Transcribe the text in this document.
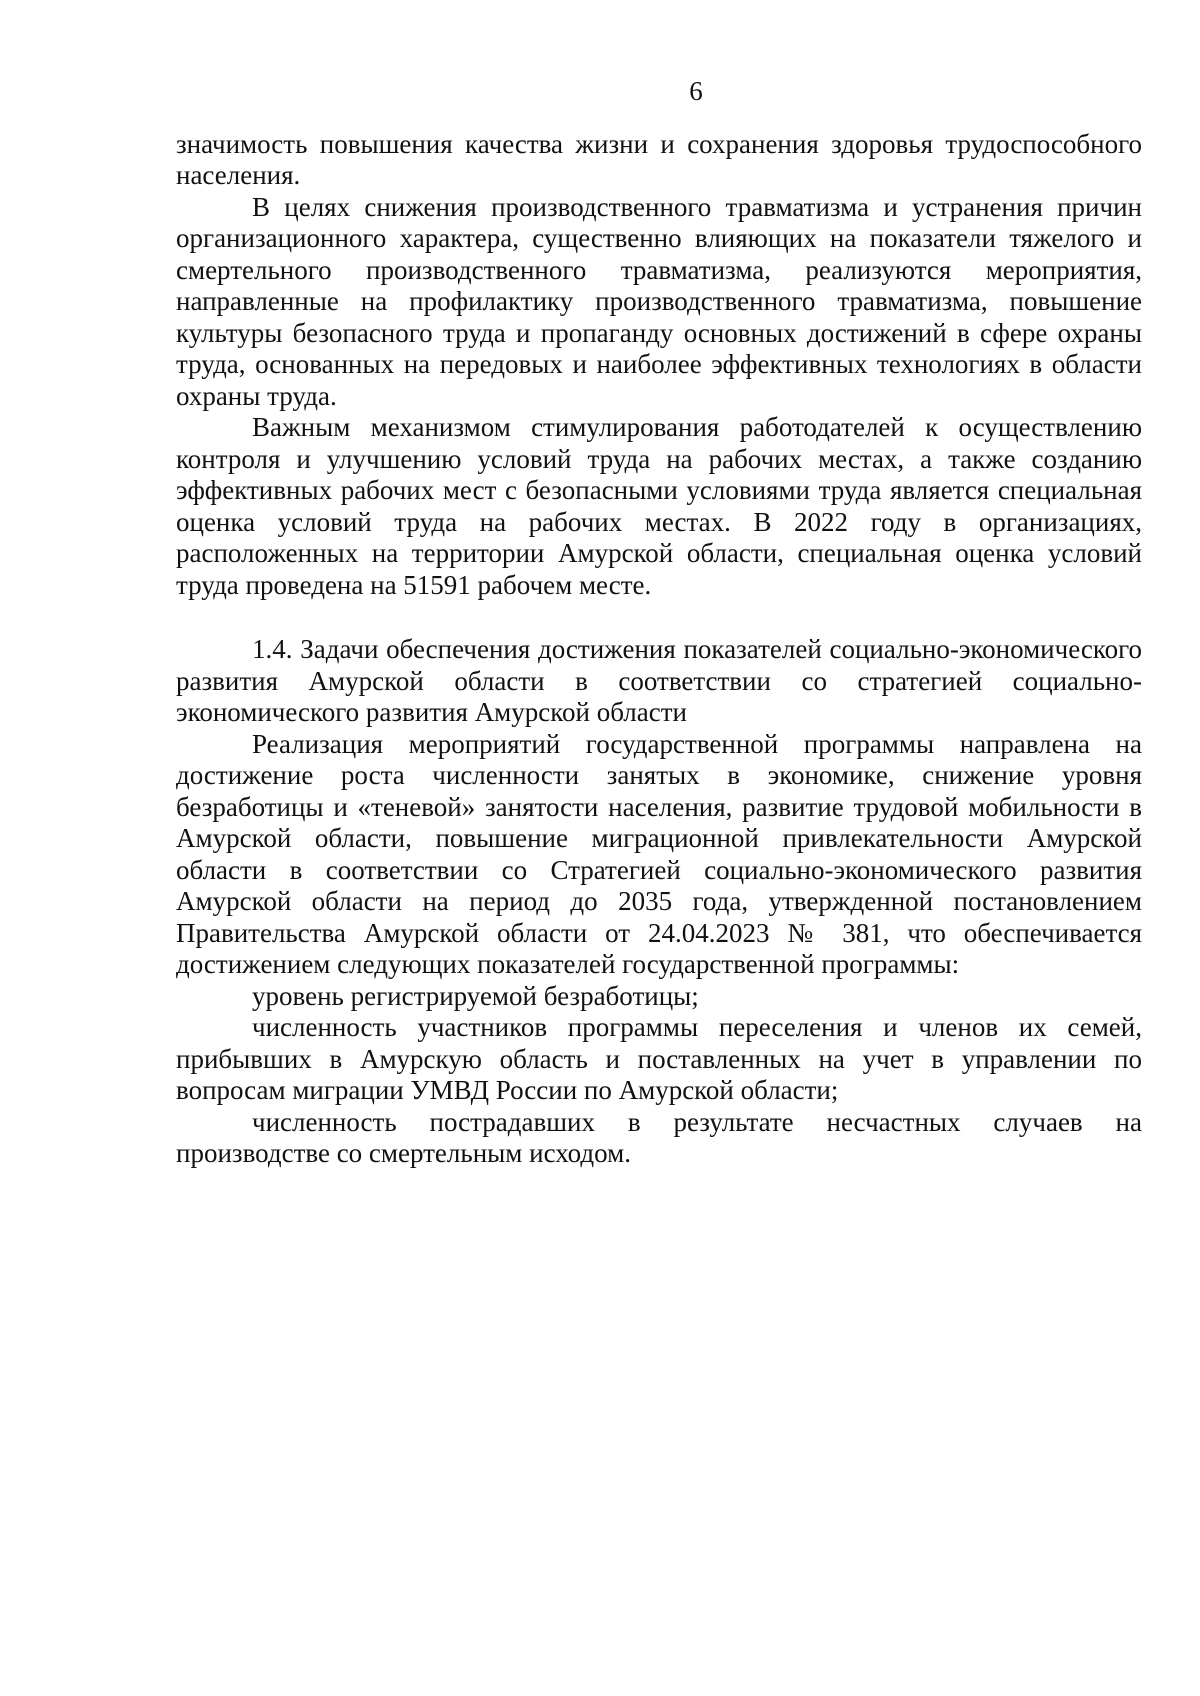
6

значимость повышения качества жизни и сохранения здоровья трудоспособного населения.

В целях снижения производственного травматизма и устранения причин организационного характера, существенно влияющих на показатели тяжелого и смертельного производственного травматизма, реализуются мероприятия, направленные на профилактику производственного травматизма, повышение культуры безопасного труда и пропаганду основных достижений в сфере охраны труда, основанных на передовых и наиболее эффективных технологиях в области охраны труда.

Важным механизмом стимулирования работодателей к осуществлению контроля и улучшению условий труда на рабочих местах, а также созданию эффективных рабочих мест с безопасными условиями труда является специальная оценка условий труда на рабочих местах. В 2022 году в организациях, расположенных на территории Амурской области, специальная оценка условий труда проведена на 51591 рабочем месте.

1.4. Задачи обеспечения достижения показателей социально-экономического развития Амурской области в соответствии со стратегией социально-экономического развития Амурской области

Реализация мероприятий государственной программы направлена на достижение роста численности занятых в экономике, снижение уровня безработицы и «теневой» занятости населения, развитие трудовой мобильности в Амурской области, повышение миграционной привлекательности Амурской области в соответствии со Стратегией социально-экономического развития Амурской области на период до 2035 года, утвержденной постановлением Правительства Амурской области от 24.04.2023 № 381, что обеспечивается достижением следующих показателей государственной программы:

уровень регистрируемой безработицы;

численность участников программы переселения и членов их семей, прибывших в Амурскую область и поставленных на учет в управлении по вопросам миграции УМВД России по Амурской области;

численность пострадавших в результате несчастных случаев на производстве со смертельным исходом.
